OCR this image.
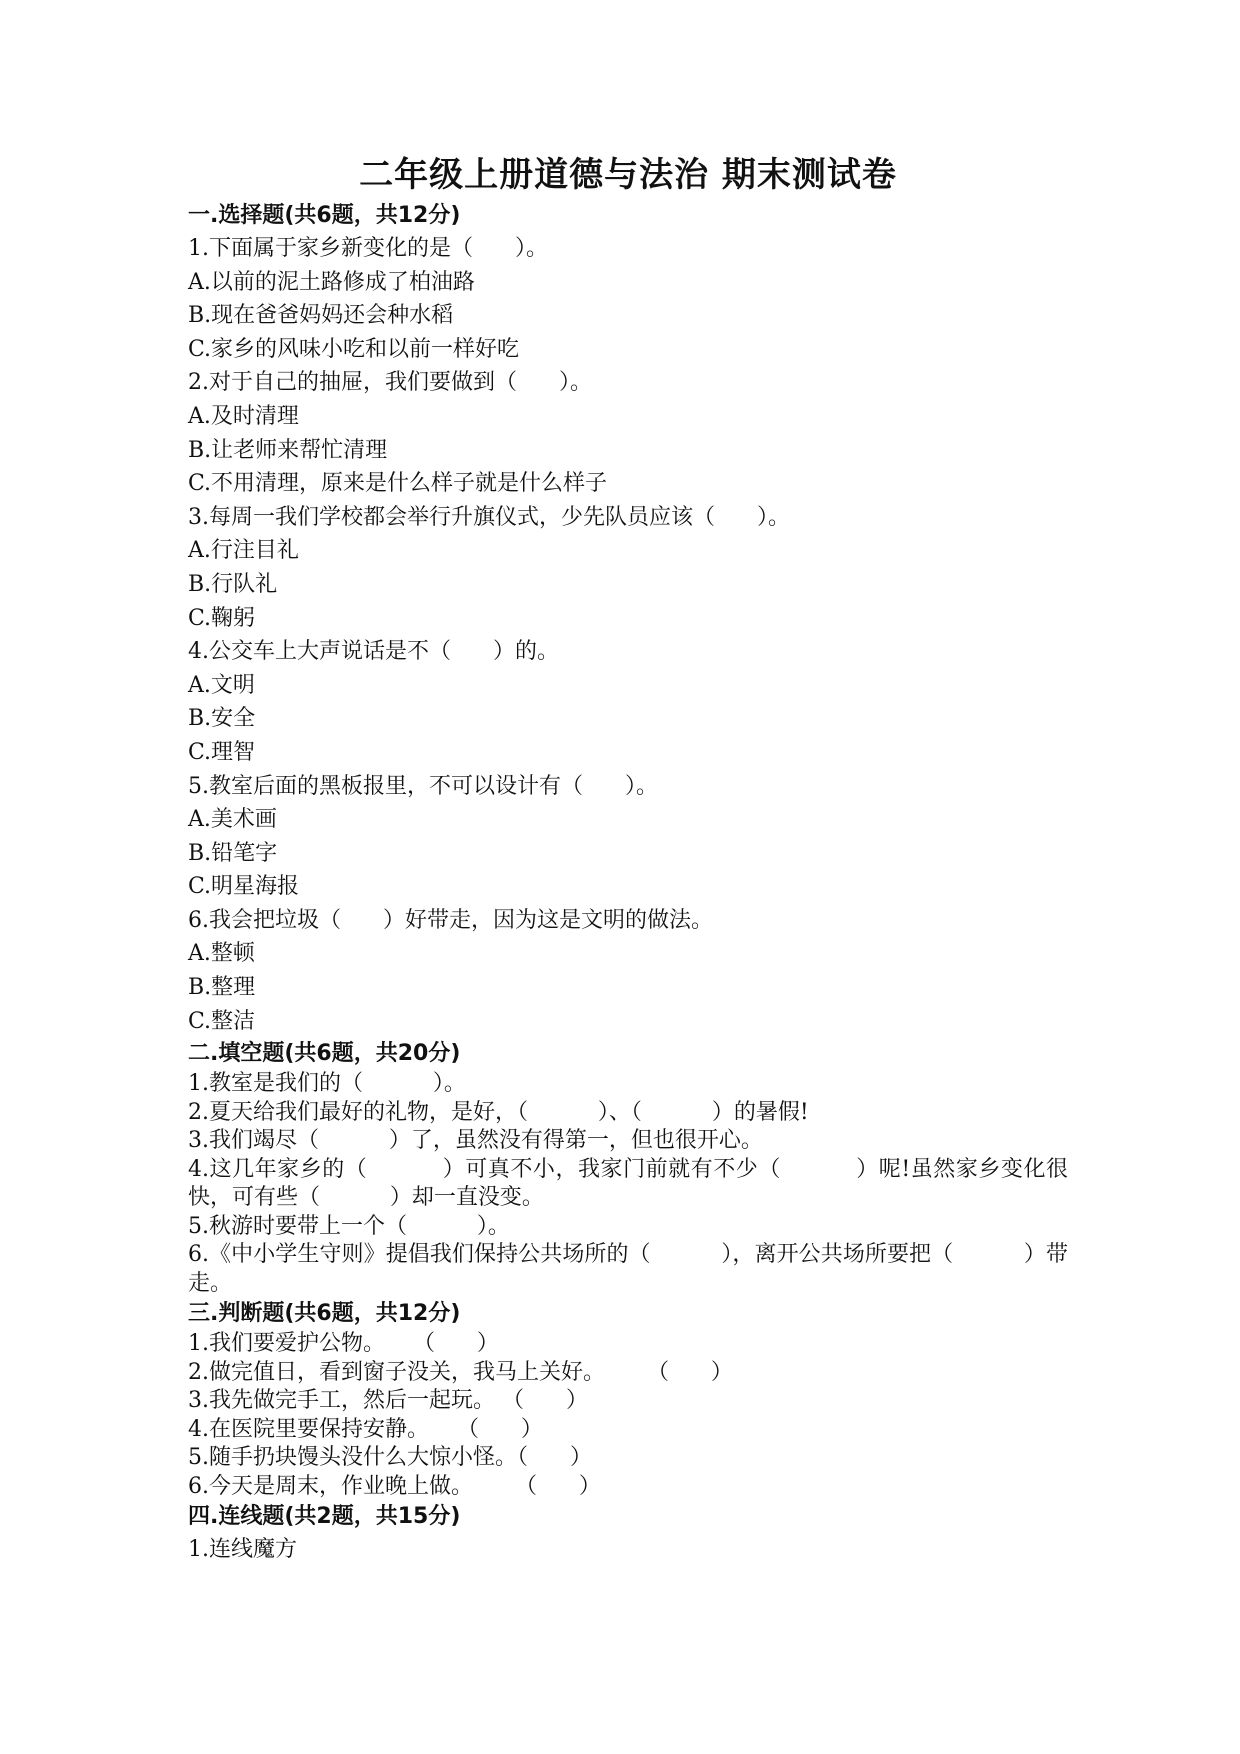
二年级上册道德与法治 期末测试卷
一.选择题(共6题，共12分)
1.下面属于家乡新变化的是（      ）。
A.以前的泥土路修成了柏油路
B.现在爸爸妈妈还会种水稻
C.家乡的风味小吃和以前一样好吃
2.对于自己的抽屉，我们要做到（      ）。
A.及时清理
B.让老师来帮忙清理
C.不用清理，原来是什么样子就是什么样子
3.每周一我们学校都会举行升旗仪式，少先队员应该（      ）。
A.行注目礼
B.行队礼
C.鞠躬
4.公交车上大声说话是不（      ）的。
A.文明
B.安全
C.理智
5.教室后面的黑板报里，不可以设计有（      ）。
A.美术画
B.铅笔字
C.明星海报
6.我会把垃圾（      ）好带走，因为这是文明的做法。
A.整顿
B.整理
C.整洁
二.填空题(共6题，共20分)
1.教室是我们的（          ）。
2.夏天给我们最好的礼物，是好，（          ）、（          ）的暑假!
3.我们竭尽（          ）了，虽然没有得第一，但也很开心。
4.这几年家乡的（          ）可真不小，我家门前就有不少（          ）呢!虽然家乡变化很快，可有些（          ）却一直没变。
5.秋游时要带上一个（          ）。
6.《中小学生守则》提倡我们保持公共场所的（          ），离开公共场所要把（          ）带走。
三.判断题(共6题，共12分)
1.我们要爱护公物。    （      ）
2.做完值日，看到窗子没关，我马上关好。      （      ）
3.我先做完手工，然后一起玩。 （      ）
4.在医院里要保持安静。    （      ）
5.随手扔块馒头没什么大惊小怪。（      ）
6.今天是周末，作业晚上做。      （      ）
四.连线题(共2题，共15分)
1.连线魔方
